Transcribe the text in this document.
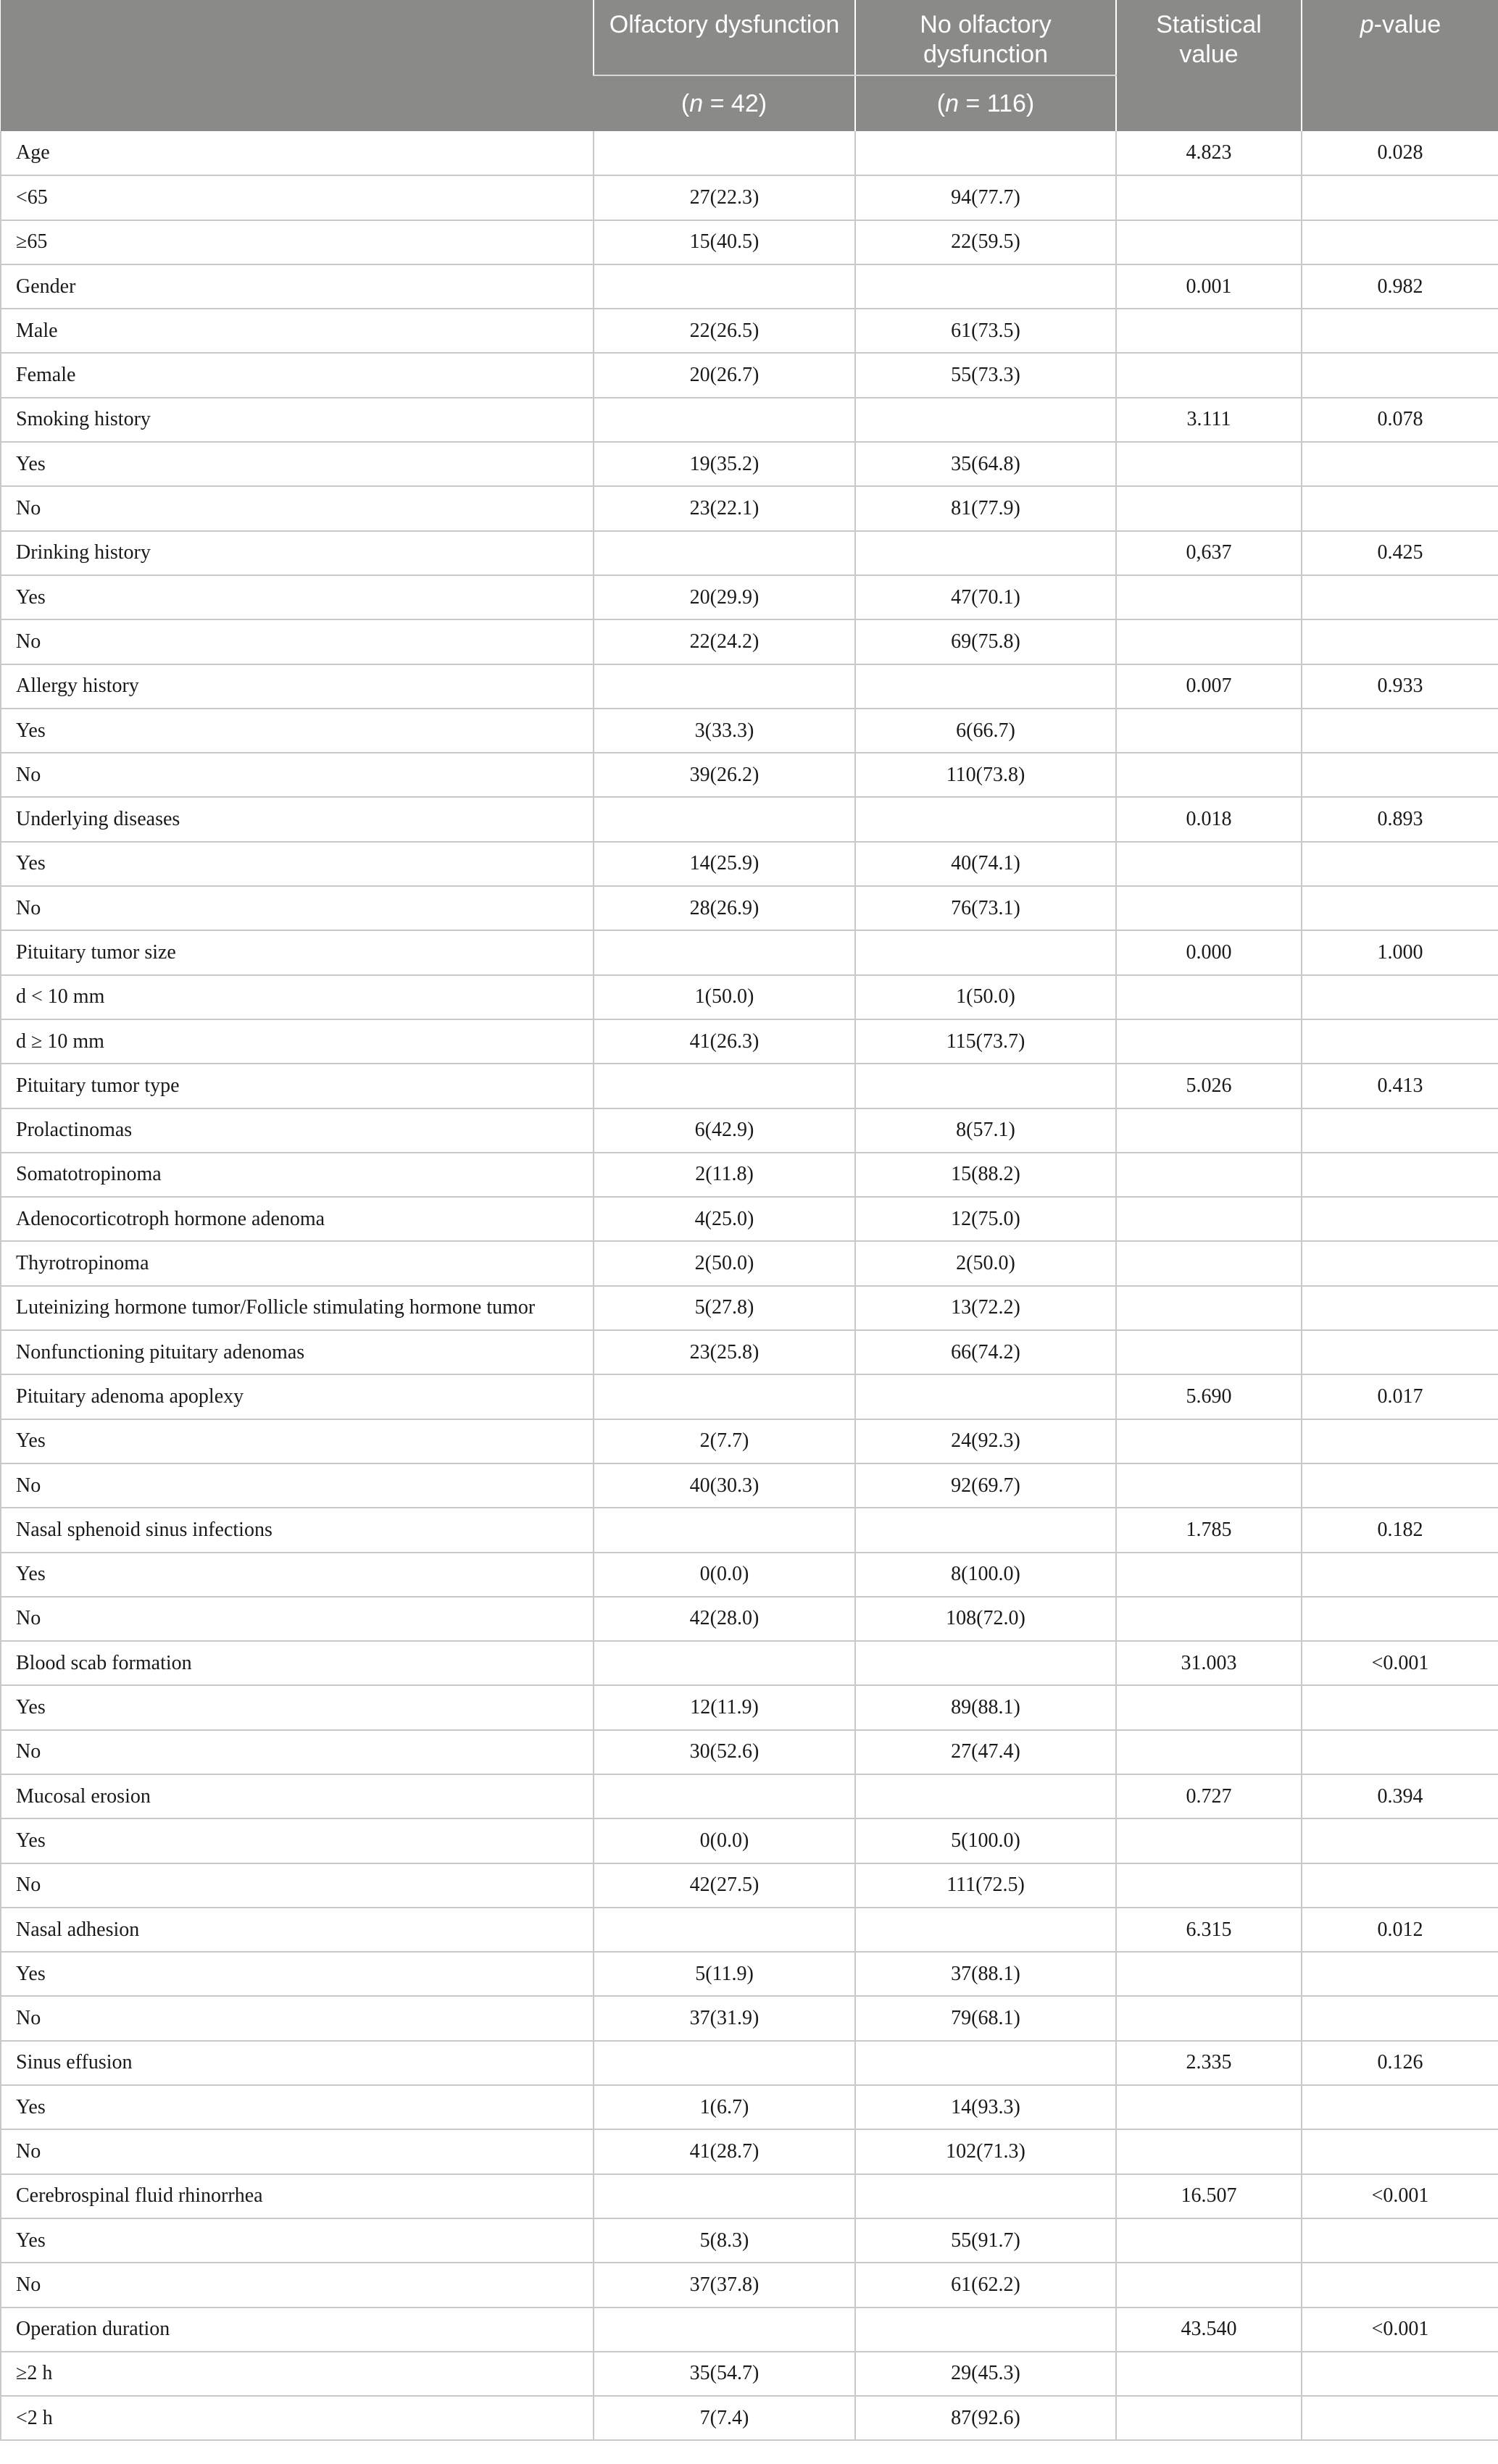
	Olfactory dysfunction	No olfactory dysfunction	Statistical value	p-value
	(n = 42)	(n = 116)		
Age			4.823	0.028
<65	27(22.3)	94(77.7)		
≥65	15(40.5)	22(59.5)		
Gender			0.001	0.982
Male	22(26.5)	61(73.5)		
Female	20(26.7)	55(73.3)		
Smoking history			3.111	0.078
Yes	19(35.2)	35(64.8)		
No	23(22.1)	81(77.9)		
Drinking history			0,637	0.425
Yes	20(29.9)	47(70.1)		
No	22(24.2)	69(75.8)		
Allergy history			0.007	0.933
Yes	3(33.3)	6(66.7)		
No	39(26.2)	110(73.8)		
Underlying diseases			0.018	0.893
Yes	14(25.9)	40(74.1)		
No	28(26.9)	76(73.1)		
Pituitary tumor size			0.000	1.000
d < 10 mm	1(50.0)	1(50.0)		
d ≥ 10 mm	41(26.3)	115(73.7)		
Pituitary tumor type			5.026	0.413
Prolactinomas	6(42.9)	8(57.1)		
Somatotropinoma	2(11.8)	15(88.2)		
Adenocorticotroph hormone adenoma	4(25.0)	12(75.0)		
Thyrotropinoma	2(50.0)	2(50.0)		
Luteinizing hormone tumor/Follicle stimulating hormone tumor	5(27.8)	13(72.2)		
Nonfunctioning pituitary adenomas	23(25.8)	66(74.2)		
Pituitary adenoma apoplexy			5.690	0.017
Yes	2(7.7)	24(92.3)		
No	40(30.3)	92(69.7)		
Nasal sphenoid sinus infections			1.785	0.182
Yes	0(0.0)	8(100.0)		
No	42(28.0)	108(72.0)		
Blood scab formation			31.003	<0.001
Yes	12(11.9)	89(88.1)		
No	30(52.6)	27(47.4)		
Mucosal erosion			0.727	0.394
Yes	0(0.0)	5(100.0)		
No	42(27.5)	111(72.5)		
Nasal adhesion			6.315	0.012
Yes	5(11.9)	37(88.1)		
No	37(31.9)	79(68.1)		
Sinus effusion			2.335	0.126
Yes	1(6.7)	14(93.3)		
No	41(28.7)	102(71.3)		
Cerebrospinal fluid rhinorrhea			16.507	<0.001
Yes	5(8.3)	55(91.7)		
No	37(37.8)	61(62.2)		
Operation duration			43.540	<0.001
≥2 h	35(54.7)	29(45.3)		
<2 h	7(7.4)	87(92.6)		
